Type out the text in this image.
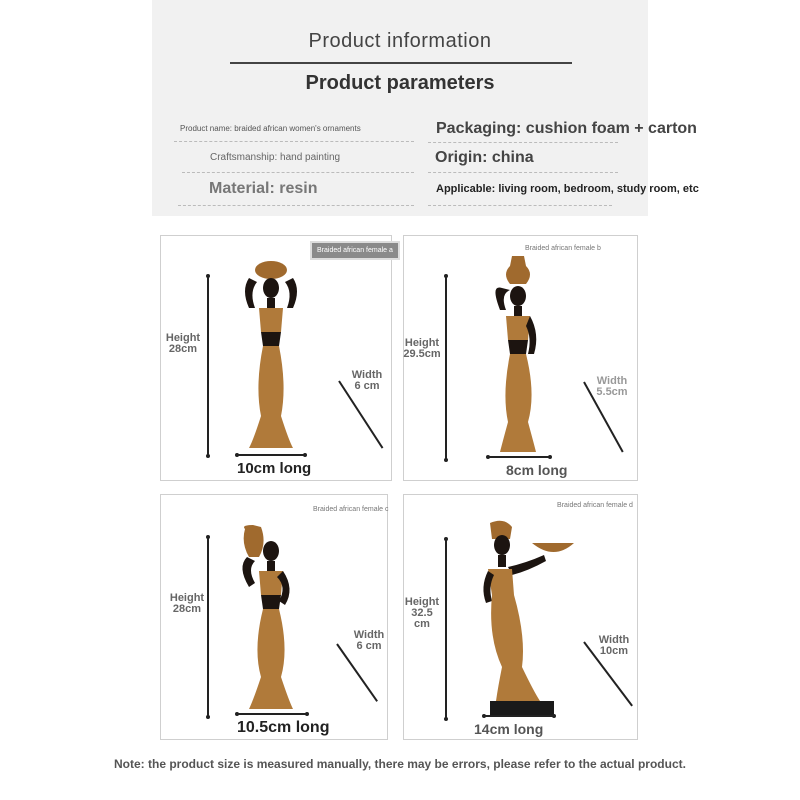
Product information
Product parameters
Product name: braided african women's ornaments
Craftsmanship: hand painting
Material: resin
Packaging: cushion foam + carton
Origin: china
Applicable: living room, bedroom, study room, etc
Braided african female a
Height
28cm
Width
6 cm
10cm long
Braided african female b
Height
29.5cm
Width
5.5cm
8cm long
Braided african female c
Height
28cm
Width
6 cm
10.5cm long
Braided african female d
Height
32.5 cm
Width
10cm
14cm long
Note: the product size is measured manually, there may be errors, please refer to the actual product.
